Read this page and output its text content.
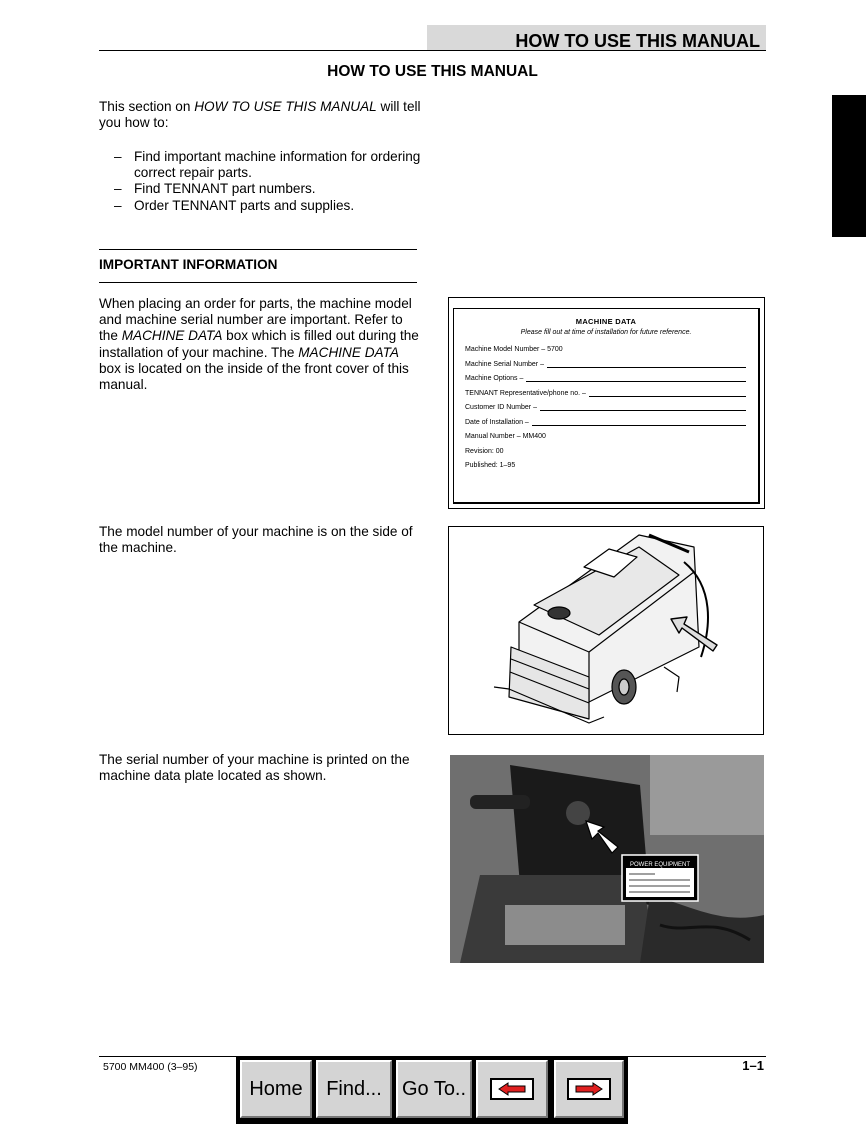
HOW TO USE THIS MANUAL
HOW TO USE THIS MANUAL
This section on HOW TO USE THIS MANUAL will tell you how to:
– Find important machine information for ordering correct repair parts.
– Find TENNANT part numbers.
– Order TENNANT parts and supplies.
IMPORTANT INFORMATION
When placing an order for parts, the machine model and machine serial number are important. Refer to the MACHINE DATA box which is filled out during the installation of your machine. The MACHINE DATA box is located on the inside of the front cover of this manual.
MACHINE DATA
Please fill out at time of installation for future reference.
Machine Model Number – 5700
Machine Serial Number –
Machine Options –
TENNANT Representative/phone no. –
Customer ID Number –
Date of Installation –
Manual Number – MM400
Revision: 00
Published: 1–95
The model number of your machine is on the side of the machine.
The serial number of your machine is printed on the machine data plate located as shown.
POWER EQUIPMENT
5700 MM400 (3–95)	1–1
Home	Find...	Go To..
